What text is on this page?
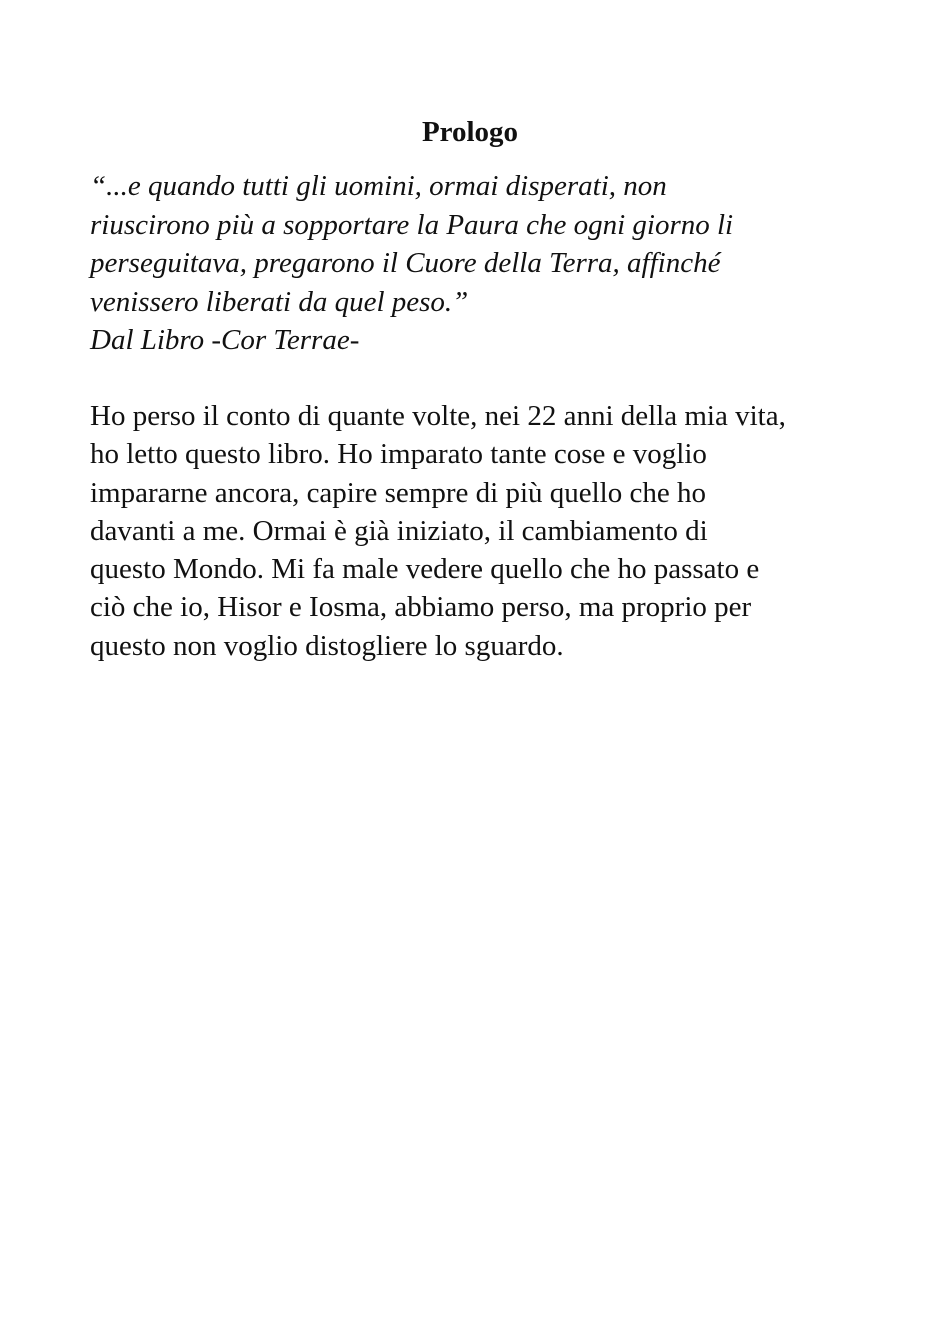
Prologo
“...e quando tutti gli uomini, ormai disperati, non
riuscirono più a sopportare la Paura che ogni giorno li
perseguitava, pregarono il Cuore della Terra, affinché
venissero liberati da quel peso.”
Dal Libro -Cor Terrae-
Ho perso il conto di quante volte, nei 22 anni della mia vita,
ho letto questo libro. Ho imparato tante cose e voglio
impararne ancora, capire sempre di più quello che ho
davanti a me. Ormai è già iniziato, il cambiamento di
questo Mondo. Mi fa male vedere quello che ho passato e
ciò che io, Hisor e Iosma, abbiamo perso, ma proprio per
questo non voglio distogliere lo sguardo.
